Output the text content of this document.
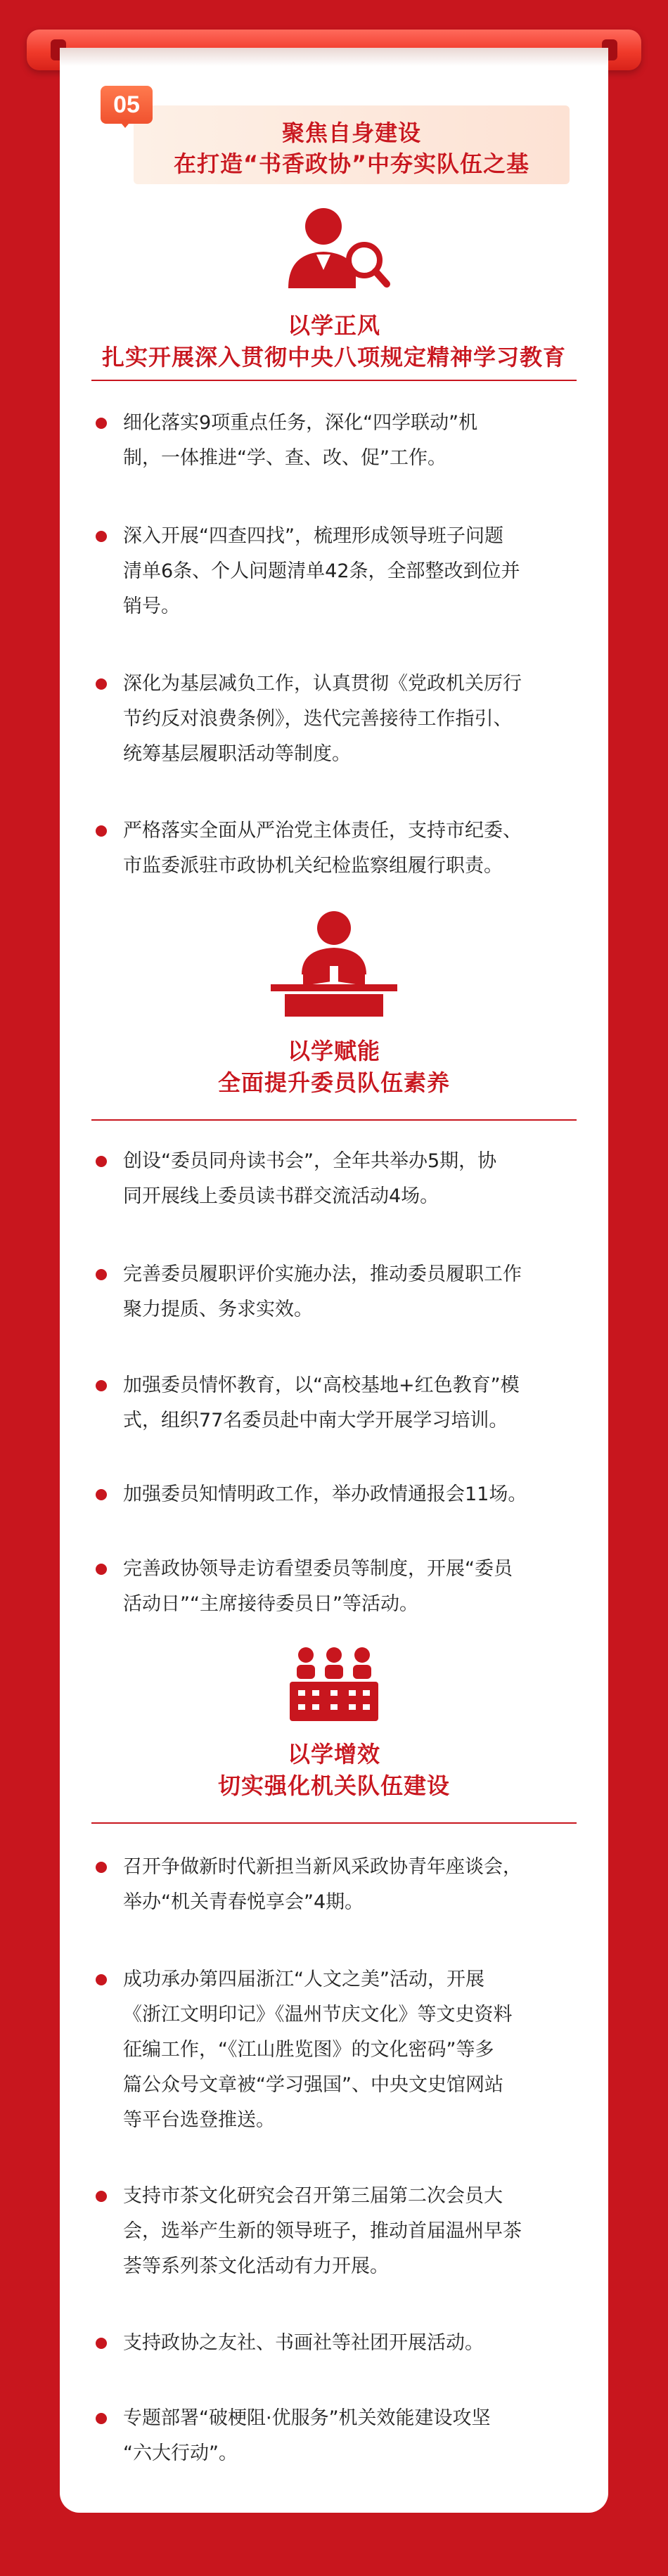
05
聚焦自身建设
在打造“书香政协”中夯实队伍之基
以学正风
扎实开展深入贯彻中央八项规定精神学习教育
细化落实9项重点任务，深化“四学联动”机
制，一体推进“学、查、改、促”工作。
深入开展“四查四找”，梳理形成领导班子问题
清单6条、个人问题清单42条，全部整改到位并
销号。
深化为基层减负工作，认真贯彻《党政机关厉行
节约反对浪费条例》，迭代完善接待工作指引、
统筹基层履职活动等制度。
严格落实全面从严治党主体责任，支持市纪委、
市监委派驻市政协机关纪检监察组履行职责。
以学赋能
全面提升委员队伍素养
创设“委员同舟读书会”，全年共举办5期，协
同开展线上委员读书群交流活动4场。
完善委员履职评价实施办法，推动委员履职工作
聚力提质、务求实效。
加强委员情怀教育，以“高校基地+红色教育”模
式，组织77名委员赴中南大学开展学习培训。
加强委员知情明政工作，举办政情通报会11场。
完善政协领导走访看望委员等制度，开展“委员
活动日”“主席接待委员日”等活动。
以学增效
切实强化机关队伍建设
召开争做新时代新担当新风采政协青年座谈会，
举办“机关青春悦享会”4期。
成功承办第四届浙江“人文之美”活动，开展
《浙江文明印记》《温州节庆文化》等文史资料
征编工作，“《江山胜览图》的文化密码”等多
篇公众号文章被“学习强国”、中央文史馆网站
等平台选登推送。
支持市茶文化研究会召开第三届第二次会员大
会，选举产生新的领导班子，推动首届温州早茶
荟等系列茶文化活动有力开展。
支持政协之友社、书画社等社团开展活动。
专题部署“破梗阻·优服务”机关效能建设攻坚
“六大行动”。
